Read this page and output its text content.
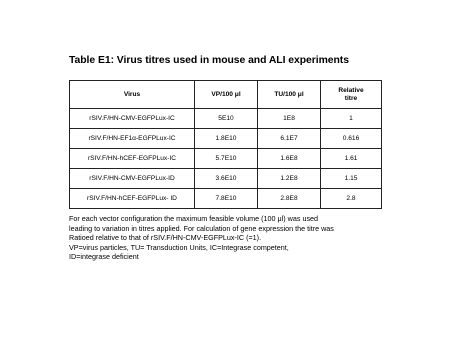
Table E1: Virus titres used in mouse and ALI experiments
Virus	VP/100 μl	TU/100 μl	Relative
titre
rSIV.F/HN-CMV-EGFPLux-IC	5E10	1E8	1
rSIV.F/HN-EF1α-EGFPLux-IC	1.8E10	6.1E7	0.616
rSIV.F/HN-hCEF-EGFPLux-IC	5.7E10	1.6E8	1.61
rSIV.F/HN-CMV-EGFPLux-ID	3.6E10	1.2E8	1.15
rSIV.F/HN-hCEF-EGFPLux- ID	7.8E10	2.8E8	2.8
For each vector configuration the maximum feasible volume (100 μl) was used
leading to variation in titres applied. For calculation of gene expression the titre was
Ratioed relative to that of rSIV.F/HN-CMV-EGFPLux-IC (=1).
VP=virus particles, TU= Transduction Units, IC=Integrase competent,
ID=integrase deficient
